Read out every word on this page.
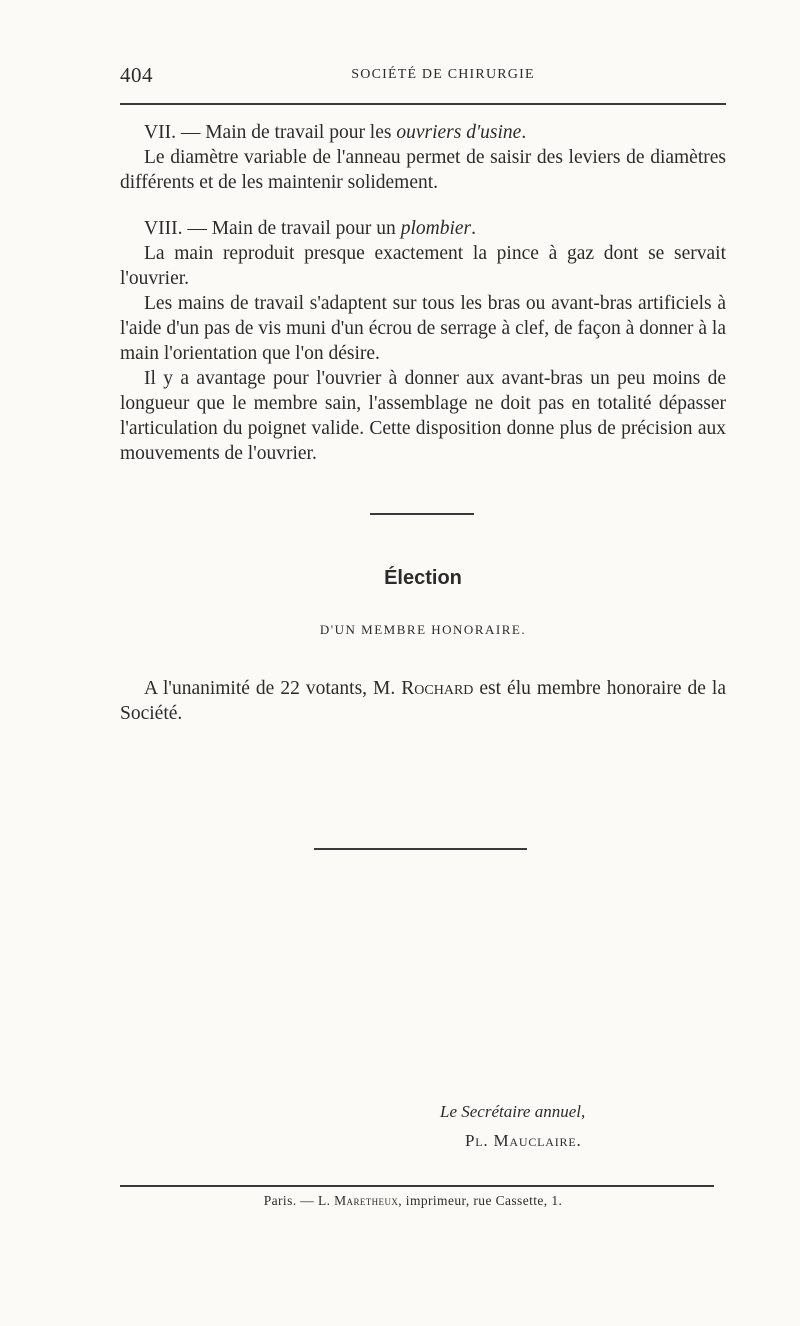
404	SOCIÉTÉ DE CHIRURGIE

VII. — Main de travail pour les ouvriers d'usine.

Le diamètre variable de l'anneau permet de saisir des leviers de diamètres différents et de les maintenir solidement.

VIII. — Main de travail pour un plombier.

La main reproduit presque exactement la pince à gaz dont se servait l'ouvrier.

Les mains de travail s'adaptent sur tous les bras ou avant-bras artificiels à l'aide d'un pas de vis muni d'un écrou de serrage à clef, de façon à donner à la main l'orientation que l'on désire.

Il y a avantage pour l'ouvrier à donner aux avant-bras un peu moins de longueur que le membre sain, l'assemblage ne doit pas en totalité dépasser l'articulation du poignet valide. Cette disposition donne plus de précision aux mouvements de l'ouvrier.

Élection
D'UN MEMBRE HONORAIRE.

A l'unanimité de 22 votants, M. Rochard est élu membre honoraire de la Société.

Le Secrétaire annuel,
Pl. Mauclaire.
Paris. — L. Maretheux, imprimeur, rue Cassette, 1.
